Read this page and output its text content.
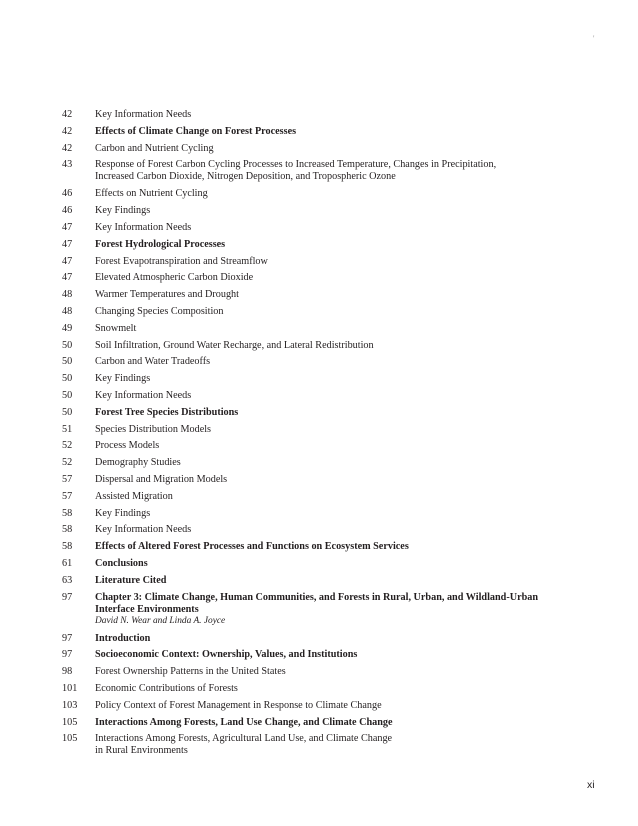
'
42	Key Information Needs
42	Effects of Climate Change on Forest Processes
42	Carbon and Nutrient Cycling
43	Response of Forest Carbon Cycling Processes to Increased Temperature, Changes in Precipitation,
Increased Carbon Dioxide, Nitrogen Deposition, and Tropospheric Ozone
46	Effects on Nutrient Cycling
46	Key Findings
47	Key Information Needs
47	Forest Hydrological Processes
47	Forest Evapotranspiration and Streamflow
47	Elevated Atmospheric Carbon Dioxide
48	Warmer Temperatures and Drought
48	Changing Species Composition
49	Snowmelt
50	Soil Infiltration, Ground Water Recharge, and Lateral Redistribution
50	Carbon and Water Tradeoffs
50	Key Findings
50	Key Information Needs
50	Forest Tree Species Distributions
51	Species Distribution Models
52	Process Models
52	Demography Studies
57	Dispersal and Migration Models
57	Assisted Migration
58	Key Findings
58	Key Information Needs
58	Effects of Altered Forest Processes and Functions on Ecosystem Services
61	Conclusions
63	Literature Cited
97	Chapter 3: Climate Change, Human Communities, and Forests in Rural, Urban, and Wildland-Urban
Interface Environments
David N. Wear and Linda A. Joyce
97	Introduction
97	Socioeconomic Context: Ownership, Values, and Institutions
98	Forest Ownership Patterns in the United States
101	Economic Contributions of Forests
103	Policy Context of Forest Management in Response to Climate Change
105	Interactions Among Forests, Land Use Change, and Climate Change
105	Interactions Among Forests, Agricultural Land Use, and Climate Change
in Rural Environments
xi
